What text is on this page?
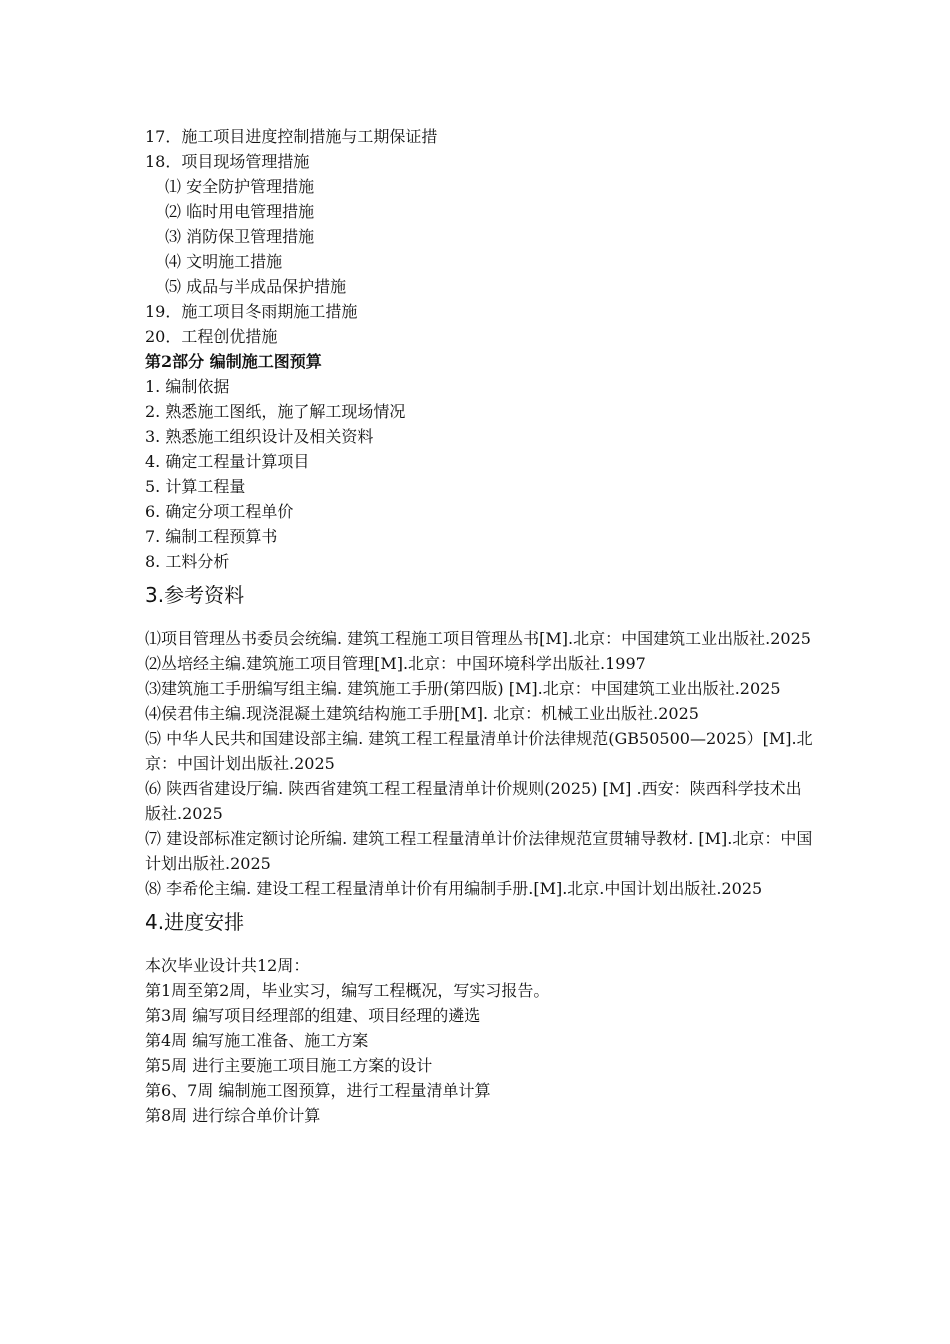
17．施工项目进度控制措施与工期保证措
18．项目现场管理措施
⑴ 安全防护管理措施
⑵ 临时用电管理措施
⑶ 消防保卫管理措施
⑷ 文明施工措施
⑸ 成品与半成品保护措施
19．施工项目冬雨期施工措施
20．工程创优措施
第2部分 编制施工图预算
1. 编制依据
2. 熟悉施工图纸，施了解工现场情况
3. 熟悉施工组织设计及相关资料
4. 确定工程量计算项目
5. 计算工程量
6. 确定分项工程单价
7. 编制工程预算书
8. 工料分析
3.参考资料
⑴项目管理丛书委员会统编. 建筑工程施工项目管理丛书[M].北京：中国建筑工业出版社.2025
⑵丛培经主编.建筑施工项目管理[M].北京：中国环境科学出版社.1997
⑶建筑施工手册编写组主编. 建筑施工手册(第四版) [M].北京：中国建筑工业出版社.2025
⑷侯君伟主编.现浇混凝土建筑结构施工手册[M]. 北京：机械工业出版社.2025
⑸ 中华人民共和国建设部主编. 建筑工程工程量清单计价法律规范(GB50500—2025）[M].北京：中国计划出版社.2025
⑹ 陕西省建设厅编. 陕西省建筑工程工程量清单计价规则(2025) [M] .西安：陕西科学技术出版社.2025
⑺ 建设部标准定额讨论所编. 建筑工程工程量清单计价法律规范宣贯辅导教材. [M].北京：中国计划出版社.2025
⑻ 李希伦主编. 建设工程工程量清单计价有用编制手册.[M].北京.中国计划出版社.2025
4.进度安排
本次毕业设计共12周：
第1周至第2周，毕业实习，编写工程概况，写实习报告。
第3周 编写项目经理部的组建、项目经理的遴选
第4周 编写施工准备、施工方案
第5周 进行主要施工项目施工方案的设计
第6、7周 编制施工图预算，进行工程量清单计算
第8周 进行综合单价计算
